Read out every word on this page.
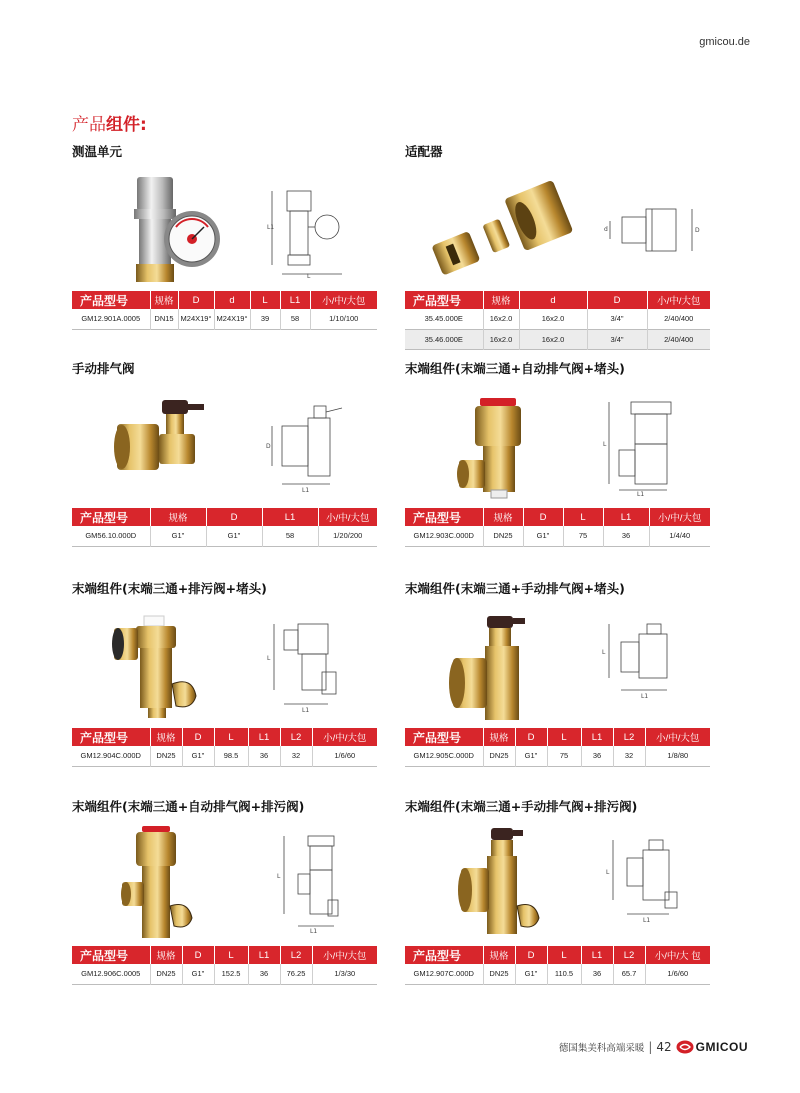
gmicou.de
产品组件:
测温单元
L1
L
产品型号	规格	D	d	L	L1	小/中/大包
GM12.901A.0005	DN15	M24X19°	M24X19°	39	58	1/10/100
适配器
d	D
产品型号	规格	d	D	小/中/大包
35.45.000E	16x2.0	16x2.0	3/4"	2/40/400
35.46.000E	16x2.0	16x2.0	3/4"	2/40/400
手动排气阀
D
L1
产品型号	规格	D	L1	小/中/大包
GM56.10.000D	G1"	G1"	58	1/20/200
末端组件(末端三通+自动排气阀+堵头)
L
L1
产品型号	规格	D	L	L1	小/中/大包
GM12.903C.000D	DN25	G1"	75	36	1/4/40
末端组件(末端三通+排污阀+堵头)
L
L1
产品型号	规格	D	L	L1	L2	小/中/大包
GM12.904C.000D	DN25	G1"	98.5	36	32	1/6/60
末端组件(末端三通+手动排气阀+堵头)
L
L1
产品型号	规格	D	L	L1	L2	小/中/大包
GM12.905C.000D	DN25	G1"	75	36	32	1/8/80
末端组件(末端三通+自动排气阀+排污阀)
L
L1
产品型号	规格	D	L	L1	L2	小/中/大包
GM12.906C.0005	DN25	G1"	152.5	36	76.25	1/3/30
末端组件(末端三通+手动排气阀+排污阀)
L
L1
产品型号	规格	D	L	L1	L2	小/中/大 包
GM12.907C.000D	DN25	G1"	110.5	36	65.7	1/6/60
德国集美科高端采暖 | 42 GMICOU
